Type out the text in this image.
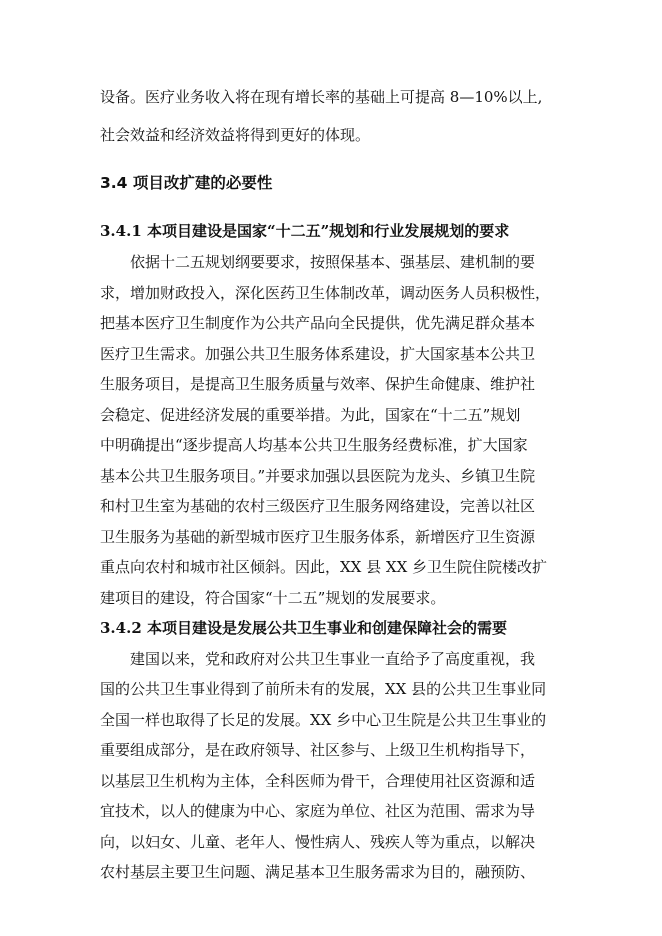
设备。医疗业务收入将在现有增长率的基础上可提高 8—10%以上,

社会效益和经济效益将得到更好的体现。

3.4 项目改扩建的必要性
3.4.1 本项目建设是国家“十二五”规划和行业发展规划的要求

依据十二五规划纲要要求，按照保基本、强基层、建机制的要

求，增加财政投入，深化医药卫生体制改革，调动医务人员积极性，

把基本医疗卫生制度作为公共产品向全民提供，优先满足群众基本

医疗卫生需求。加强公共卫生服务体系建设，扩大国家基本公共卫

生服务项目，是提高卫生服务质量与效率、保护生命健康、维护社

会稳定、促进经济发展的重要举措。为此，国家在“十二五”规划

中明确提出“逐步提高人均基本公共卫生服务经费标准，扩大国家

基本公共卫生服务项目。”并要求加强以县医院为龙头、乡镇卫生院

和村卫生室为基础的农村三级医疗卫生服务网络建设，完善以社区

卫生服务为基础的新型城市医疗卫生服务体系，新增医疗卫生资源

重点向农村和城市社区倾斜。因此，XX 县 XX 乡卫生院住院楼改扩

建项目的建设，符合国家“十二五”规划的发展要求。

3.4.2 本项目建设是发展公共卫生事业和创建保障社会的需要

建国以来，党和政府对公共卫生事业一直给予了高度重视，我

国的公共卫生事业得到了前所未有的发展，XX 县的公共卫生事业同

全国一样也取得了长足的发展。XX 乡中心卫生院是公共卫生事业的

重要组成部分，是在政府领导、社区参与、上级卫生机构指导下，

以基层卫生机构为主体，全科医师为骨干，合理使用社区资源和适

宜技术，以人的健康为中心、家庭为单位、社区为范围、需求为导

向，以妇女、儿童、老年人、慢性病人、残疾人等为重点，以解决

农村基层主要卫生问题、满足基本卫生服务需求为目的，融预防、
